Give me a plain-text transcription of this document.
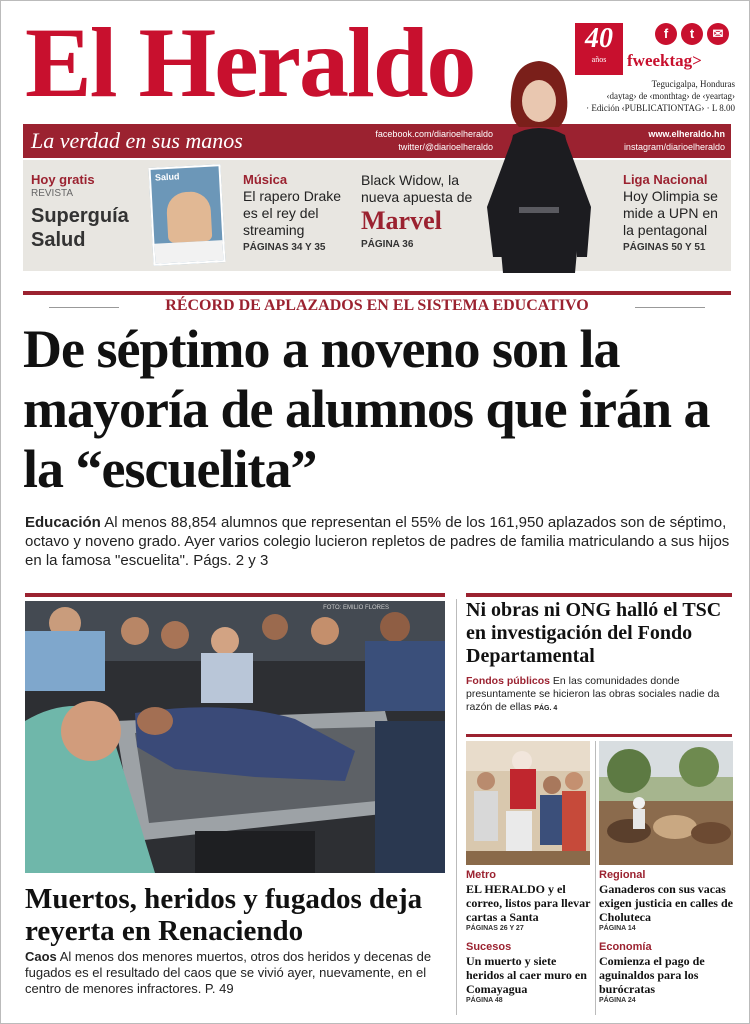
El Heraldo	40
años
f	t	✉
fweektag>
Tegucigalpa, Honduras
‹daytag› de ‹monthtag› de ‹yeartag›
· Edición ‹PUBLICATIONTAG› · L 8.00
La verdad en sus manos	facebook.com/diarioelheraldo
twitter/@diarioelheraldo
www.elheraldo.hn
instagram/diarioelheraldo
Hoy gratis
REVISTA
Superguía Salud
Salud	Música
El rapero Drake es el rey del streaming
PÁGINAS 34 Y 35
Black Widow, la nueva apuesta de
Marvel
PÁGINA 36
Liga Nacional
Hoy Olimpia se mide a UPN en la pentagonal
PÁGINAS 50 Y 51
RÉCORD DE APLAZADOS EN EL SISTEMA EDUCATIVO
De séptimo a noveno son la mayoría de alumnos que irán a la “escuelita”
Educación Al menos 88,854 alumnos que representan el 55% de los 161,950 aplazados son de séptimo, octavo y noveno grado. Ayer varios colegio lucieron repletos de padres de familia matriculando a sus hijos en la famosa "escuelita". Págs. 2 y 3
FOTO: EMILIO FLORES
Muertos, heridos y fugados deja reyerta en Renaciendo
Caos Al menos dos menores muertos, otros dos heridos y decenas de fugados es el resultado del caos que se vivió ayer, nuevamente, en el centro de menores infractores. P. 49
Ni obras ni ONG halló el TSC en investigación del Fondo Departamental
Fondos públicos En las comunidades donde presuntamente se hicieron las obras sociales nadie da razón de ellas PÁG. 4
Metro
EL HERALDO y el correo, listos para llevar cartas a Santa
PÁGINAS 26 Y 27
Regional
Ganaderos con sus vacas exigen justicia en calles de Choluteca
PÁGINA 14
Sucesos
Un muerto y siete heridos al caer muro en Comayagua
PÁGINA 48
Economía
Comienza el pago de aguinaldos para los burócratas
PÁGINA 24
